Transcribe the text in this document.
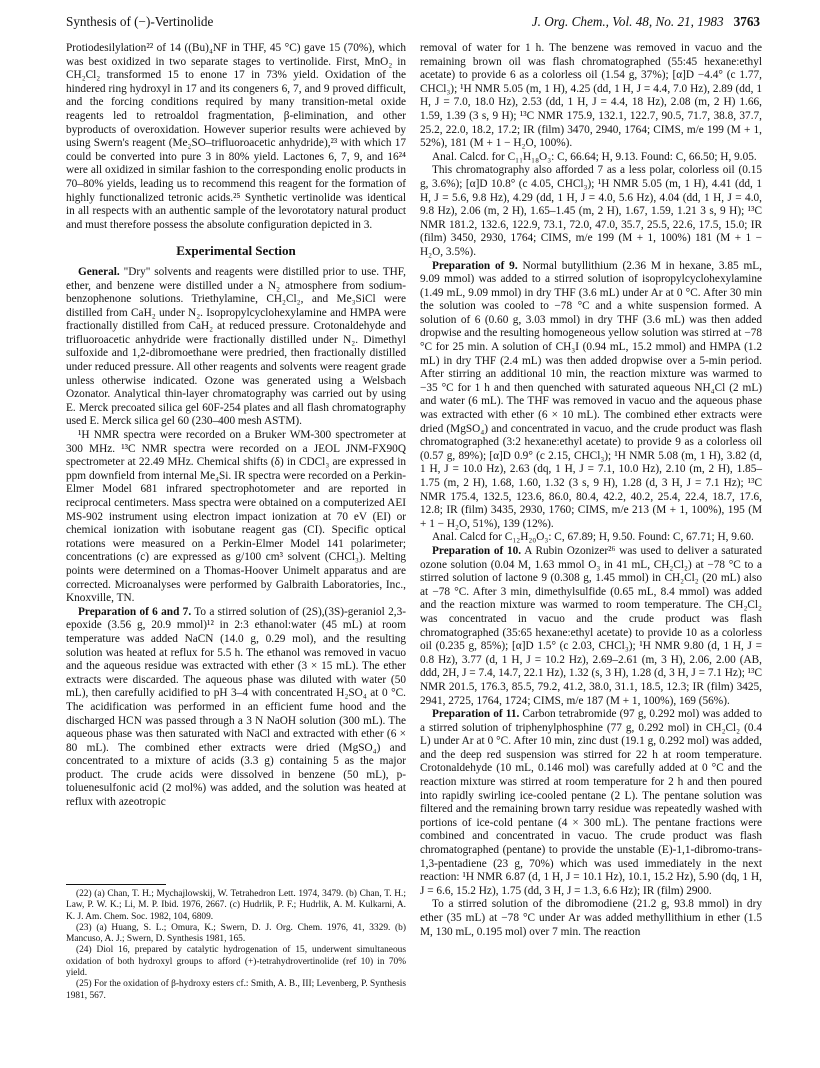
Synthesis of (−)-Vertinolide	J. Org. Chem., Vol. 48, No. 21, 1983 3763

Protiodesilylation²² of 14 ((Bu)₄NF in THF, 45 °C) gave 15 (70%), which was best oxidized in two separate stages to vertinolide. First, MnO₂ in CH₂Cl₂ transformed 15 to enone 17 in 73% yield. Oxidation of the hindered ring hydroxyl in 17 and its congeners 6, 7, and 9 proved difficult, and the forcing conditions required by many transition-metal oxide reagents led to retroaldol fragmentation, β-elimination, and other byproducts of overoxidation. However superior results were achieved by using Swern's reagent (Me₂SO–trifluoroacetic anhydride),²³ with which 17 could be converted into pure 3 in 80% yield. Lactones 6, 7, 9, and 16²⁴ were all oxidized in similar fashion to the corresponding enolic products in 70–80% yields, leading us to recommend this reagent for the formation of highly functionalized tetronic acids.²⁵ Synthetic vertinolide was identical in all respects with an authentic sample of the levorotatory natural product and must therefore possess the absolute configuration depicted in 3.

Experimental Section

General. "Dry" solvents and reagents were distilled prior to use. THF, ether, and benzene were distilled under a N₂ atmosphere from sodium-benzophenone solutions. Triethylamine, CH₂Cl₂, and Me₃SiCl were distilled from CaH₂ under N₂. Isopropylcyclohexylamine and HMPA were fractionally distilled from CaH₂ at reduced pressure. Crotonaldehyde and trifluoroacetic anhydride were fractionally distilled under N₂. Dimethyl sulfoxide and 1,2-dibromoethane were predried, then fractionally distilled under reduced pressure. All other reagents and solvents were reagent grade unless otherwise indicated. Ozone was generated using a Welsbach Ozonator. Analytical thin-layer chromatography was carried out by using E. Merck precoated silica gel 60F-254 plates and all flash chromatography used E. Merck silica gel 60 (230–400 mesh ASTM).

¹H NMR spectra were recorded on a Bruker WM-300 spectrometer at 300 MHz. ¹³C NMR spectra were recorded on a JEOL JNM-FX90Q spectrometer at 22.49 MHz. Chemical shifts (δ) in CDCl₃ are expressed in ppm downfield from internal Me₄Si. IR spectra were recorded on a Perkin-Elmer Model 681 infrared spectrophotometer and are reported in reciprocal centimeters. Mass spectra were obtained on a computerized AEI MS-902 instrument using electron impact ionization at 70 eV (EI) or chemical ionization with isobutane reagent gas (CI). Specific optical rotations were measured on a Perkin-Elmer Model 141 polarimeter; concentrations (c) are expressed as g/100 cm³ solvent (CHCl₃). Melting points were determined on a Thomas-Hoover Unimelt apparatus and are corrected. Microanalyses were performed by Galbraith Laboratories, Inc., Knoxville, TN.

Preparation of 6 and 7. To a stirred solution of (2S),(3S)-geraniol 2,3-epoxide (3.56 g, 20.9 mmol)¹² in 2:3 ethanol:water (45 mL) at room temperature was added NaCN (14.0 g, 0.29 mol), and the resulting solution was heated at reflux for 5.5 h. The ethanol was removed in vacuo and the aqueous residue was extracted with ether (3 × 15 mL). The ether extracts were discarded. The aqueous phase was diluted with water (50 mL), then carefully acidified to pH 3–4 with concentrated H₂SO₄ at 0 °C. The acidification was performed in an efficient fume hood and the discharged HCN was passed through a 3 N NaOH solution (300 mL). The aqueous phase was then saturated with NaCl and extracted with ether (6 × 80 mL). The combined ether extracts were dried (MgSO₄) and concentrated to a mixture of acids (3.3 g) containing 5 as the major product. The crude acids were dissolved in benzene (50 mL), p-toluenesulfonic acid (2 mol%) was added, and the solution was heated at reflux with azeotropic

(22) (a) Chan, T. H.; Mychajlowskij, W. Tetrahedron Lett. 1974, 3479. (b) Chan, T. H.; Law, P. W. K.; Li, M. P. Ibid. 1976, 2667. (c) Hudrlik, P. F.; Hudrlik, A. M. Kulkarni, A. K. J. Am. Chem. Soc. 1982, 104, 6809.

(23) (a) Huang, S. L.; Omura, K.; Swern, D. J. Org. Chem. 1976, 41, 3329. (b) Mancuso, A. J.; Swern, D. Synthesis 1981, 165.

(24) Diol 16, prepared by catalytic hydrogenation of 15, underwent simultaneous oxidation of both hydroxyl groups to afford (+)-tetrahydrovertinolide (ref 10) in 70% yield.

(25) For the oxidation of β-hydroxy esters cf.: Smith, A. B., III; Levenberg, P. Synthesis 1981, 567.

removal of water for 1 h. The benzene was removed in vacuo and the remaining brown oil was flash chromatographed (55:45 hexane:ethyl acetate) to provide 6 as a colorless oil (1.54 g, 37%); [α]D −4.4° (c 1.77, CHCl₃); ¹H NMR 5.05 (m, 1 H), 4.25 (dd, 1 H, J = 4.4, 7.0 Hz), 2.89 (dd, 1 H, J = 7.0, 18.0 Hz), 2.53 (dd, 1 H, J = 4.4, 18 Hz), 2.08 (m, 2 H) 1.66, 1.59, 1.39 (3 s, 9 H); ¹³C NMR 175.9, 132.1, 122.7, 90.5, 71.7, 38.8, 37.7, 25.2, 22.0, 18.2, 17.2; IR (film) 3470, 2940, 1764; CIMS, m/e 199 (M + 1, 52%), 181 (M + 1 − H₂O, 100%).

Anal. Calcd. for C₁₁H₁₈O₃: C, 66.64; H, 9.13. Found: C, 66.50; H, 9.05.

This chromatography also afforded 7 as a less polar, colorless oil (0.15 g, 3.6%); [α]D 10.8° (c 4.05, CHCl₃); ¹H NMR 5.05 (m, 1 H), 4.41 (dd, 1 H, J = 5.6, 9.8 Hz), 4.29 (dd, 1 H, J = 4.0, 5.6 Hz), 4.04 (dd, 1 H, J = 4.0, 9.8 Hz), 2.06 (m, 2 H), 1.65–1.45 (m, 2 H), 1.67, 1.59, 1.21 3 s, 9 H); ¹³C NMR 181.2, 132.6, 122.9, 73.1, 72.0, 47.0, 35.7, 25.5, 22.6, 17.5, 15.0; IR (film) 3450, 2930, 1764; CIMS, m/e 199 (M + 1, 100%) 181 (M + 1 − H₂O, 3.5%).

Preparation of 9. Normal butyllithium (2.36 M in hexane, 3.85 mL, 9.09 mmol) was added to a stirred solution of isopropylcyclohexylamine (1.49 mL, 9.09 mmol) in dry THF (3.6 mL) under Ar at 0 °C. After 30 min the solution was cooled to −78 °C and a white suspension formed. A solution of 6 (0.60 g, 3.03 mmol) in dry THF (3.6 mL) was then added dropwise and the resulting homogeneous yellow solution was stirred at −78 °C for 25 min. A solution of CH₃I (0.94 mL, 15.2 mmol) and HMPA (1.2 mL) in dry THF (2.4 mL) was then added dropwise over a 5-min period. After stirring an additional 10 min, the reaction mixture was warmed to −35 °C for 1 h and then quenched with saturated aqueous NH₄Cl (2 mL) and water (6 mL). The THF was removed in vacuo and the aqueous phase was extracted with ether (6 × 10 mL). The combined ether extracts were dried (MgSO₄) and concentrated in vacuo, and the crude product was flash chromatographed (3:2 hexane:ethyl acetate) to provide 9 as a colorless oil (0.57 g, 89%); [α]D 0.9° (c 2.15, CHCl₃); ¹H NMR 5.08 (m, 1 H), 3.82 (d, 1 H, J = 10.0 Hz), 2.63 (dq, 1 H, J = 7.1, 10.0 Hz), 2.10 (m, 2 H), 1.85–1.75 (m, 2 H), 1.68, 1.60, 1.32 (3 s, 9 H), 1.28 (d, 3 H, J = 7.1 Hz); ¹³C NMR 175.4, 132.5, 123.6, 86.0, 80.4, 42.2, 40.2, 25.4, 22.4, 18.7, 17.6, 12.8; IR (film) 3435, 2930, 1760; CIMS, m/e 213 (M + 1, 100%), 195 (M + 1 − H₂O, 51%), 139 (12%).

Anal. Calcd for C₁₂H₂₀O₃: C, 67.89; H, 9.50. Found: C, 67.71; H, 9.60.

Preparation of 10. A Rubin Ozonizer²⁶ was used to deliver a saturated ozone solution (0.04 M, 1.63 mmol O₃ in 41 mL, CH₂Cl₂) at −78 °C to a stirred solution of lactone 9 (0.308 g, 1.45 mmol) in CH₂Cl₂ (20 mL) also at −78 °C. After 3 min, dimethylsulfide (0.65 mL, 8.4 mmol) was added and the reaction mixture was warmed to room temperature. The CH₂Cl₂ was concentrated in vacuo and the crude product was flash chromatographed (35:65 hexane:ethyl acetate) to provide 10 as a colorless oil (0.235 g, 85%); [α]D 1.5° (c 2.03, CHCl₃); ¹H NMR 9.80 (d, 1 H, J = 0.8 Hz), 3.77 (d, 1 H, J = 10.2 Hz), 2.69–2.61 (m, 3 H), 2.06, 2.00 (AB, ddd, 2H, J = 7.4, 14.7, 22.1 Hz), 1.32 (s, 3 H), 1.28 (d, 3 H, J = 7.1 Hz); ¹³C NMR 201.5, 176.3, 85.5, 79.2, 41.2, 38.0, 31.1, 18.5, 12.3; IR (film) 3425, 2941, 2725, 1764, 1724; CIMS, m/e 187 (M + 1, 100%), 169 (56%).

Preparation of 11. Carbon tetrabromide (97 g, 0.292 mol) was added to a stirred solution of triphenylphosphine (77 g, 0.292 mol) in CH₂Cl₂ (0.4 L) under Ar at 0 °C. After 10 min, zinc dust (19.1 g, 0.292 mol) was added, and the deep red suspension was stirred for 22 h at room temperature. Crotonaldehyde (10 mL, 0.146 mol) was carefully added at 0 °C and the reaction mixture was stirred at room temperature for 2 h and then poured into rapidly swirling ice-cooled pentane (2 L). The pentane solution was filtered and the remaining brown tarry residue was repeatedly washed with portions of ice-cold pentane (4 × 300 mL). The pentane fractions were combined and concentrated in vacuo. The crude product was flash chromatographed (pentane) to provide the unstable (E)-1,1-dibromo-trans-1,3-pentadiene (23 g, 70%) which was used immediately in the next reaction: ¹H NMR 6.87 (d, 1 H, J = 10.1 Hz), 10.1, 15.2 Hz), 5.90 (dq, 1 H, J = 6.6, 15.2 Hz), 1.75 (dd, 3 H, J = 1.3, 6.6 Hz); IR (film) 2900.

To a stirred solution of the dibromodiene (21.2 g, 93.8 mmol) in dry ether (35 mL) at −78 °C under Ar was added methyllithium in ether (1.5 M, 130 mL, 0.195 mol) over 7 min. The reaction
